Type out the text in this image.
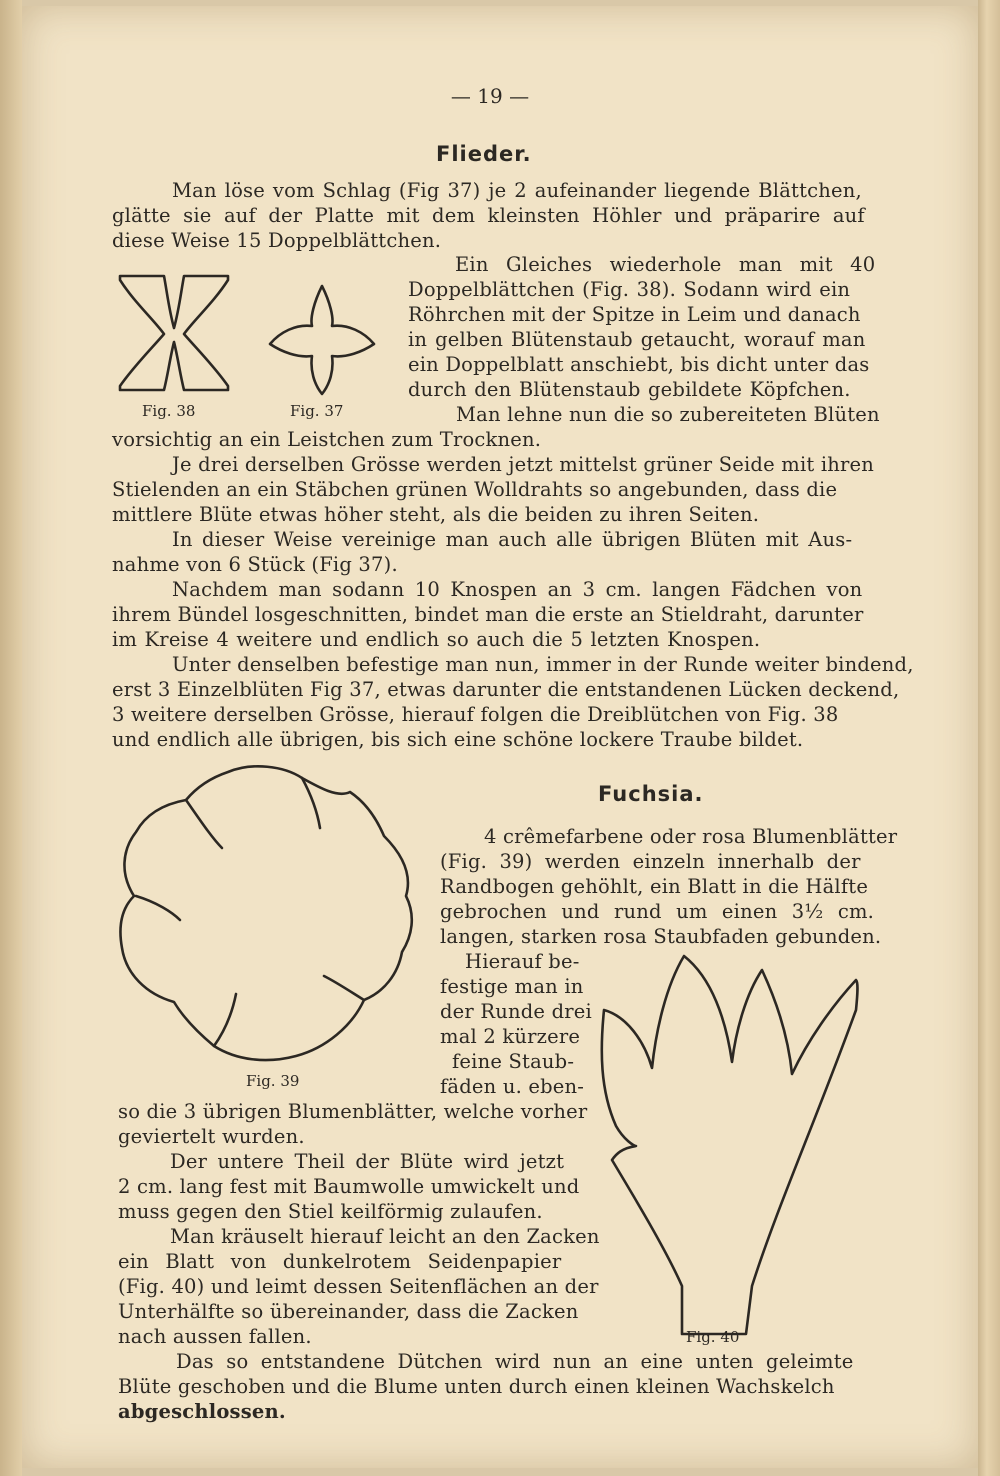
— 19 —
Flieder.
Man löse vom Schlag (Fig 37) je 2 aufeinander liegende Blättchen,
glätte sie auf der Platte mit dem kleinsten Höhler und präparire auf
diese Weise 15 Doppelblättchen.
Ein Gleiches wiederhole man mit 40
Doppelblättchen (Fig. 38). Sodann wird ein
Röhrchen mit der Spitze in Leim und danach
in gelben Blütenstaub getaucht, worauf man
ein Doppelblatt anschiebt, bis dicht unter das
durch den Blütenstaub gebildete Köpfchen.
Man lehne nun die so zubereiteten Blüten
vorsichtig an ein Leistchen zum Trocknen.
Je drei derselben Grösse werden jetzt mittelst grüner Seide mit ihren
Stielenden an ein Stäbchen grünen Wolldrahts so angebunden, dass die
mittlere Blüte etwas höher steht, als die beiden zu ihren Seiten.
In dieser Weise vereinige man auch alle übrigen Blüten mit Aus-
nahme von 6 Stück (Fig 37).
Nachdem man sodann 10 Knospen an 3 cm. langen Fädchen von
ihrem Bündel losgeschnitten, bindet man die erste an Stieldraht, darunter
im Kreise 4 weitere und endlich so auch die 5 letzten Knospen.
Unter denselben befestige man nun, immer in der Runde weiter bindend,
erst 3 Einzelblüten Fig 37, etwas darunter die entstandenen Lücken deckend,
3 weitere derselben Grösse, hierauf folgen die Dreiblütchen von Fig. 38
und endlich alle übrigen, bis sich eine schöne lockere Traube bildet.
Fig. 38	Fig. 37
Fuchsia.
4 crêmefarbene oder rosa Blumenblätter
(Fig. 39) werden einzeln innerhalb der
Randbogen gehöhlt, ein Blatt in die Hälfte
gebrochen und rund um einen 3½ cm.
langen, starken rosa Staubfaden gebunden.
Hierauf be-
festige man in
der Runde drei
mal 2 kürzere
feine Staub-
fäden u. eben-
so die 3 übrigen Blumenblätter, welche vorher
geviertelt wurden.
Der untere Theil der Blüte wird jetzt
2 cm. lang fest mit Baumwolle umwickelt und
muss gegen den Stiel keilförmig zulaufen.
Man kräuselt hierauf leicht an den Zacken
ein Blatt von dunkelrotem Seidenpapier
(Fig. 40) und leimt dessen Seitenflächen an der
Unterhälfte so übereinander, dass die Zacken
nach aussen fallen.
Das so entstandene Dütchen wird nun an eine unten geleimte
Blüte geschoben und die Blume unten durch einen kleinen Wachskelch
abgeschlossen.
Fig. 39
Fig. 40
